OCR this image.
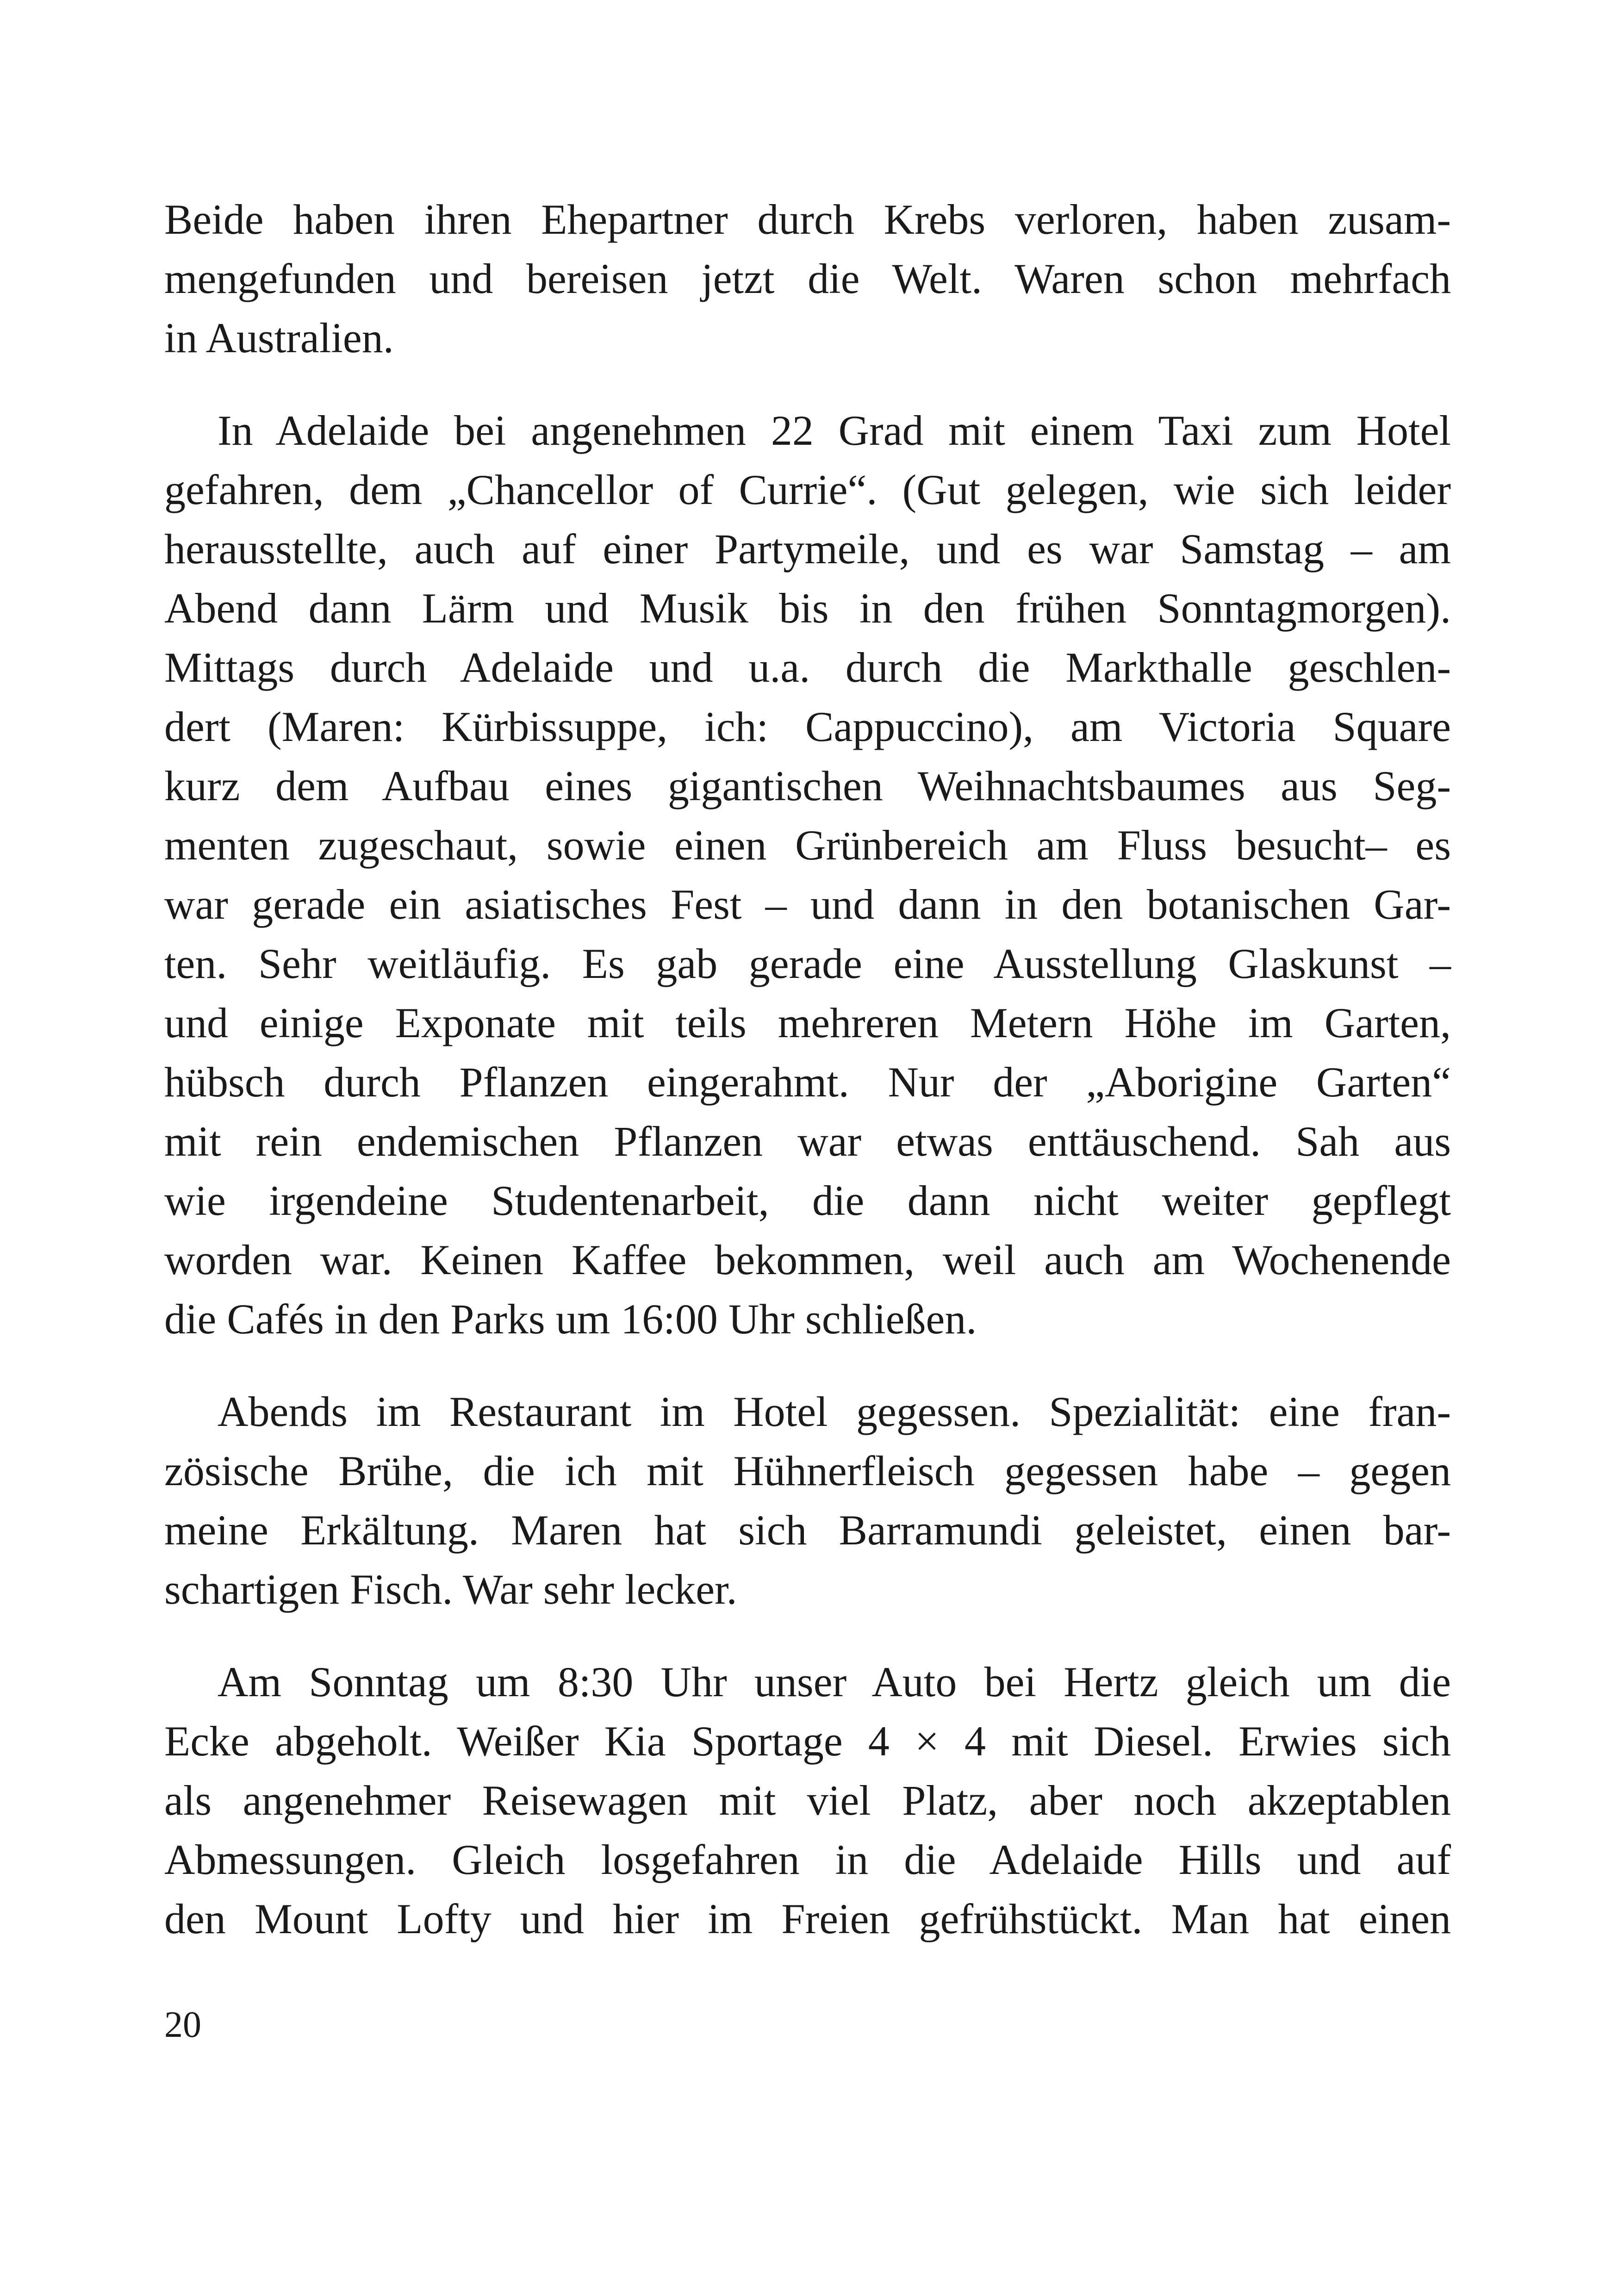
Beide haben ihren Ehepartner durch Krebs verloren, haben zusam-
mengefunden und bereisen jetzt die Welt. Waren schon mehrfach
in Australien.

In Adelaide bei angenehmen 22 Grad mit einem Taxi zum Hotel
gefahren, dem „Chancellor of Currie“. (Gut gelegen, wie sich leider
herausstellte, auch auf einer Partymeile, und es war Samstag – am
Abend dann Lärm und Musik bis in den frühen Sonntagmorgen).
Mittags durch Adelaide und u.a. durch die Markthalle geschlen-
dert (Maren: Kürbissuppe, ich: Cappuccino), am Victoria Square
kurz dem Aufbau eines gigantischen Weihnachtsbaumes aus Seg-
menten zugeschaut, sowie einen Grünbereich am Fluss besucht– es
war gerade ein asiatisches Fest – und dann in den botanischen Gar-
ten. Sehr weitläufig. Es gab gerade eine Ausstellung Glaskunst –
und einige Exponate mit teils mehreren Metern Höhe im Garten,
hübsch durch Pflanzen eingerahmt. Nur der „Aborigine Garten“
mit rein endemischen Pflanzen war etwas enttäuschend. Sah aus
wie irgendeine Studentenarbeit, die dann nicht weiter gepflegt
worden war. Keinen Kaffee bekommen, weil auch am Wochenende
die Cafés in den Parks um 16:00 Uhr schließen.

Abends im Restaurant im Hotel gegessen. Spezialität: eine fran-
zösische Brühe, die ich mit Hühnerfleisch gegessen habe – gegen
meine Erkältung. Maren hat sich Barramundi geleistet, einen bar-
schartigen Fisch. War sehr lecker.

Am Sonntag um 8:30 Uhr unser Auto bei Hertz gleich um die
Ecke abgeholt. Weißer Kia Sportage 4 × 4 mit Diesel. Erwies sich
als angenehmer Reisewagen mit viel Platz, aber noch akzeptablen
Abmessungen. Gleich losgefahren in die Adelaide Hills und auf
den Mount Lofty und hier im Freien gefrühstückt. Man hat einen

20
